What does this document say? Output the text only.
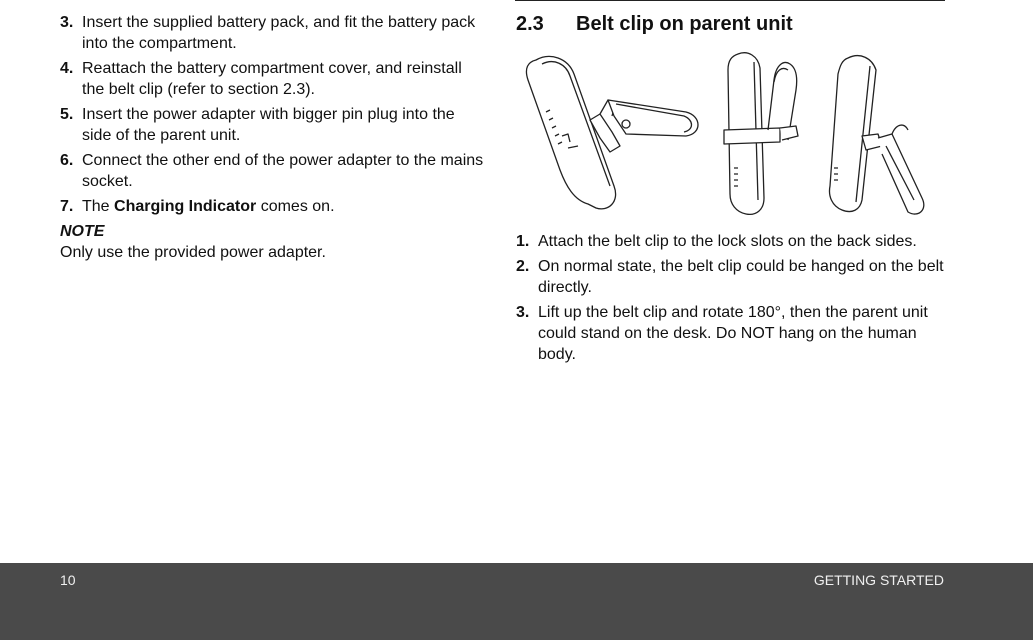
3. Insert the supplied battery pack, and fit the battery pack into the compartment.
4. Reattach the battery compartment cover, and reinstall the belt clip (refer to section 2.3).
5. Insert the power adapter with bigger pin plug into the side of the parent unit.
6. Connect the other end of the power adapter to the mains socket.
7. The Charging Indicator comes on.
NOTE
Only use the provided power adapter.
2.3	Belt clip on parent unit
1. Attach the belt clip to the lock slots on the back sides.
2. On normal state, the belt clip could be hanged on the belt directly.
3. Lift up the belt clip and rotate 180°, then the parent unit could stand on the desk. Do NOT hang on the human body.
10	GETTING STARTED
